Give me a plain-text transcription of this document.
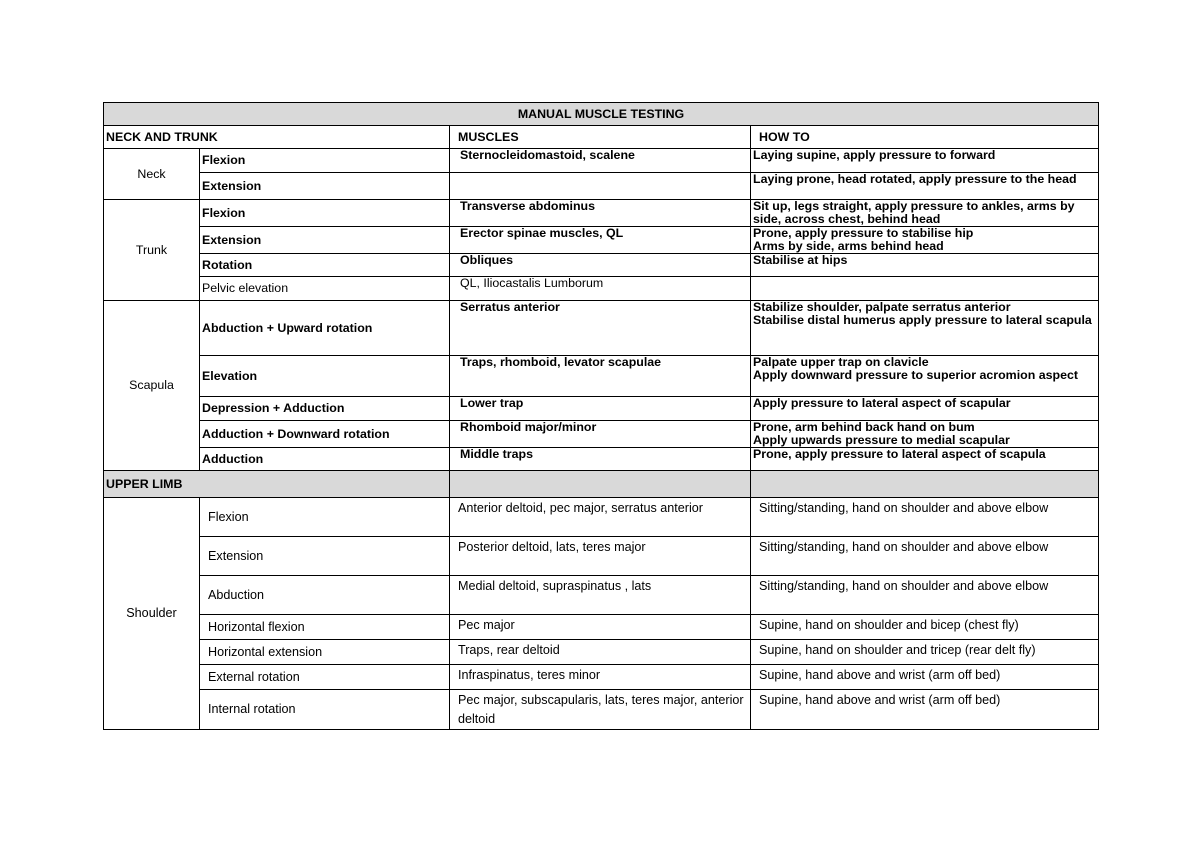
MANUAL MUSCLE TESTING			
NECK AND TRUNK		MUSCLES	HOW TO
Neck	Flexion	Sternocleidomastoid, scalene	Laying supine, apply pressure to forward
	Extension		Laying prone, head rotated, apply pressure to the head
Trunk	Flexion	Transverse abdominus	Sit up, legs straight, apply pressure to ankles, arms by side, across chest, behind head
	Extension	Erector spinae muscles, QL	Prone, apply pressure to stabilise hip
Arms by side, arms behind head

	Rotation	Obliques	Stabilise at hips
	Pelvic elevation	QL, Iliocastalis Lumborum	
Scapula	Abduction + Upward rotation	Serratus anterior	Stabilize shoulder, palpate serratus anterior
Stabilise distal humerus apply pressure to lateral scapula

	Elevation	Traps, rhomboid, levator scapulae	Palpate upper trap on clavicle
Apply downward pressure to superior acromion aspect

	Depression + Adduction	Lower trap	Apply pressure to lateral aspect of scapular
	Adduction + Downward rotation	Rhomboid major/minor	Prone, arm behind back hand on bum
Apply upwards pressure to medial scapular

	Adduction	Middle traps	Prone, apply pressure to lateral aspect of scapula
UPPER LIMB			
Shoulder	Flexion	Anterior deltoid, pec major, serratus anterior	Sitting/standing, hand on shoulder and above elbow
	Extension	Posterior deltoid, lats, teres major	Sitting/standing, hand on shoulder and above elbow
	Abduction	Medial deltoid, supraspinatus , lats	Sitting/standing, hand on shoulder and above elbow
	Horizontal flexion	Pec major	Supine, hand on shoulder and bicep (chest fly)
	Horizontal extension	Traps, rear deltoid	Supine, hand on shoulder and tricep (rear delt fly)
	External rotation	Infraspinatus, teres minor	Supine, hand above and wrist (arm off bed)
	Internal rotation	Pec major, subscapularis, lats, teres major, anterior deltoid	Supine, hand above and wrist (arm off bed)
